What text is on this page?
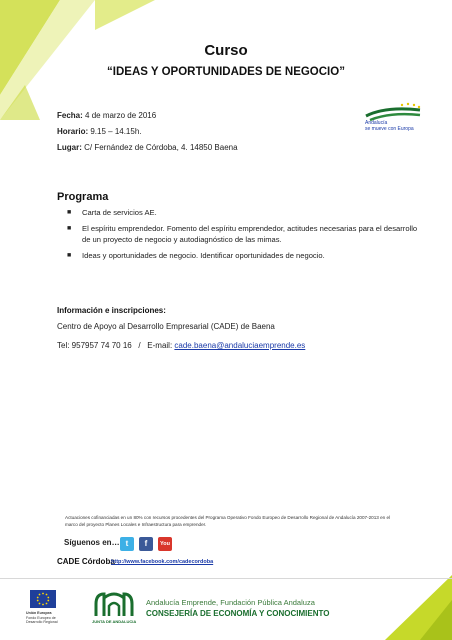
Curso
“IDEAS Y OPORTUNIDADES DE NEGOCIO”
Fecha: 4 de marzo de 2016
Horario: 9.15 – 14.15h.
Lugar: C/ Fernández de Córdoba, 4. 14850 Baena
Andalucía
se mueve con Europa
Programa
■ Carta de servicios AE.
■ El espíritu emprendedor. Fomento del espíritu emprendedor, actitudes necesarias para el desarrollo de un proyecto de negocio y autodiagnóstico de las mimas.
■ Ideas y oportunidades de negocio. Identificar oportunidades de negocio.
Información e inscripciones:
Centro de Apoyo al Desarrollo Empresarial (CADE) de Baena
Tel: 957957 74 70 16   /   E-mail: cade.baena@andaluciaemprende.es
Actuaciones cofinanciadas en un 80% con recursos procedentes del Programa Operativo Fondo Europeo de Desarrollo Regional de Andalucía 2007-2013 en el marco del proyecto Planes Locales e Infraestructura para emprender.
Síguenos en… t	f	You
CADE Córdoba
http://www.facebook.com/cadecordoba
Unión Europea
Fondo Europeo de Desarrollo Regional	JUNTA DE ANDALUCIA
Andalucía Emprende, Fundación Pública Andaluza
CONSEJERÍA DE ECONOMÍA Y CONOCIMIENTO
